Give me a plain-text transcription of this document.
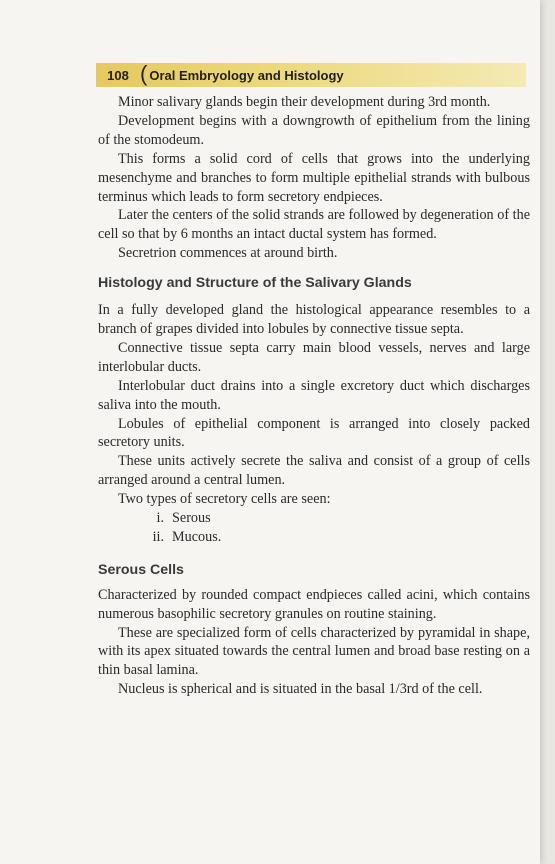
108 ( Oral Embryology and Histology

Minor salivary glands begin their development during 3rd month.

Development begins with a downgrowth of epithelium from the lining of the stomodeum.

This forms a solid cord of cells that grows into the underlying mesenchyme and branches to form multiple epithelial strands with bulbous terminus which leads to form secretory endpieces.

Later the centers of the solid strands are followed by degeneration of the cell so that by 6 months an intact ductal system has formed.

Secretrion commences at around birth.

Histology and Structure of the Salivary Glands

In a fully developed gland the histological appearance resembles to a branch of grapes divided into lobules by connective tissue septa.

Connective tissue septa carry main blood vessels, nerves and large interlobular ducts.

Interlobular duct drains into a single excretory duct which discharges saliva into the mouth.

Lobules of epithelial component is arranged into closely packed secretory units.

These units actively secrete the saliva and consist of a group of cells arranged around a central lumen.

Two types of secretory cells are seen:

i. Serous
ii. Mucous.
Serous Cells

Characterized by rounded compact endpieces called acini, which contains numerous basophilic secretory granules on routine staining.

These are specialized form of cells characterized by pyramidal in shape, with its apex situated towards the central lumen and broad base resting on a thin basal lamina.

Nucleus is spherical and is situated in the basal 1/3rd of the cell.
